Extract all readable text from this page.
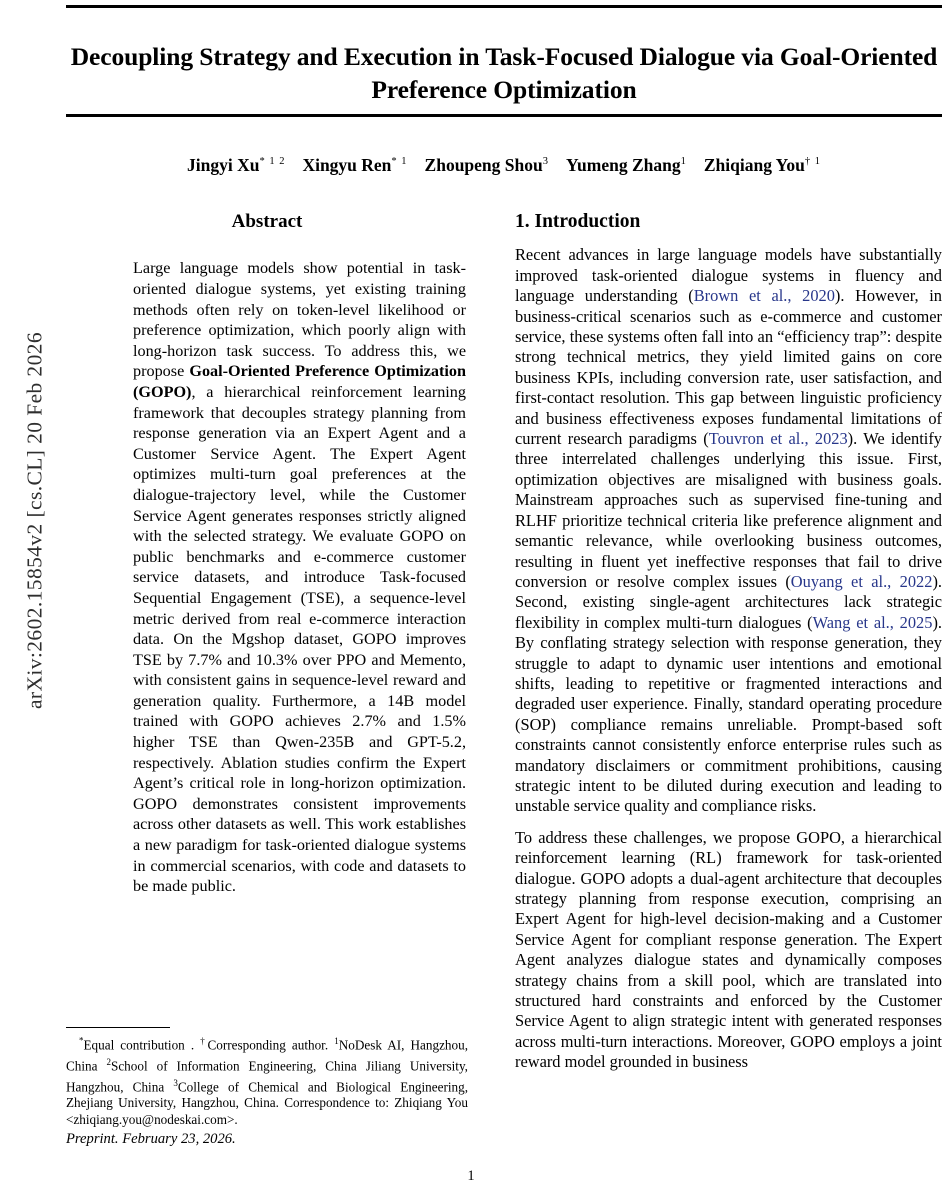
arXiv:2602.15854v2 [cs.CL] 20 Feb 2026
Decoupling Strategy and Execution in Task-Focused Dialogue via Goal-Oriented Preference Optimization
Jingyi $Xu^{* 1 2}$ Xingyu Ren$^{* 1}$ Zhoupeng Shou$^3$ Yumeng Zhang$^1$ Zhiqiang You$^{\dagger 1}$
Abstract

Large language models show potential in task-oriented dialogue systems, yet existing training methods often rely on token-level likelihood or preference optimization, which poorly align with long-horizon task success. To address this, we propose Goal-Oriented Preference Optimization (GOPO), a hierarchical reinforcement learning framework that decouples strategy planning from response generation via an Expert Agent and a Customer Service Agent. The Expert Agent optimizes multi-turn goal preferences at the dialogue-trajectory level, while the Customer Service Agent generates responses strictly aligned with the selected strategy. We evaluate GOPO on public benchmarks and e-commerce customer service datasets, and introduce Task-focused Sequential Engagement (TSE), a sequence-level metric derived from real e-commerce interaction data. On the Mgshop dataset, GOPO improves TSE by 7.7% and 10.3% over PPO and Memento, with consistent gains in sequence-level reward and generation quality. Furthermore, a 14B model trained with GOPO achieves 2.7% and 1.5% higher TSE than Qwen-235B and GPT-5.2, respectively. Ablation studies confirm the Expert Agent’s critical role in long-horizon optimization. GOPO demonstrates consistent improvements across other datasets as well. This work establishes a new paradigm for task-oriented dialogue systems in commercial scenarios, with code and datasets to be made public.

1. Introduction

Recent advances in large language models have substantially improved task-oriented dialogue systems in fluency and language understanding (Brown et al., 2020). However, in business-critical scenarios such as e-commerce and customer service, these systems often fall into an “efficiency trap”: despite strong technical metrics, they yield limited gains on core business KPIs, including conversion rate, user satisfaction, and first-contact resolution. This gap between linguistic proficiency and business effectiveness exposes fundamental limitations of current research paradigms (Touvron et al., 2023). We identify three interrelated challenges underlying this issue. First, optimization objectives are misaligned with business goals. Mainstream approaches such as supervised fine-tuning and RLHF prioritize technical criteria like preference alignment and semantic relevance, while overlooking business outcomes, resulting in fluent yet ineffective responses that fail to drive conversion or resolve complex issues (Ouyang et al., 2022). Second, existing single-agent architectures lack strategic flexibility in complex multi-turn dialogues (Wang et al., 2025). By conflating strategy selection with response generation, they struggle to adapt to dynamic user intentions and emotional shifts, leading to repetitive or fragmented interactions and degraded user experience. Finally, standard operating procedure (SOP) compliance remains unreliable. Prompt-based soft constraints cannot consistently enforce enterprise rules such as mandatory disclaimers or commitment prohibitions, causing strategic intent to be diluted during execution and leading to unstable service quality and compliance risks.

To address these challenges, we propose GOPO, a hierarchical reinforcement learning (RL) framework for task-oriented dialogue. GOPO adopts a dual-agent architecture that decouples strategy planning from response execution, comprising an Expert Agent for high-level decision-making and a Customer Service Agent for compliant response generation. The Expert Agent analyzes dialogue states and dynamically composes strategy chains from a skill pool, which are translated into structured hard constraints and enforced by the Customer Service Agent to align strategic intent with generated responses across multi-turn interactions. Moreover, GOPO employs a joint reward model grounded in business

*Equal contribution . †Corresponding author. $^1$NoDesk AI, Hangzhou, China $^2$School of Information Engineering, China Jiliang University, Hangzhou, China $^3$College of Chemical and Biological Engineering, Zhejiang University, Hangzhou, China. Correspondence to: Zhiqiang You <zhiqiang.you@nodeskai.com>.
Preprint. February 23, 2026.
1
